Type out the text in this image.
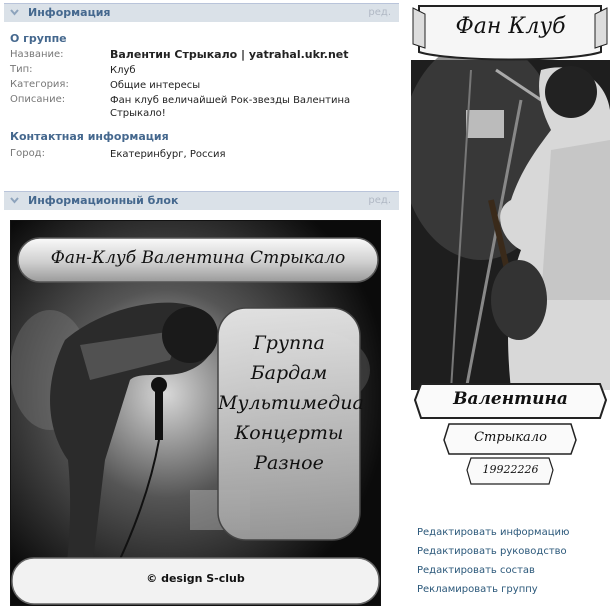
Информация	ред.
О группе
Название:	Валентин Стрыкало | yatrahal.ukr.net
Тип:	Клуб
Категория:	Общие интересы
Описание:	Фан клуб величайшей Рок-звезды Валентина Стрыкало!
Контактная информация
Город:	Екатеринбург, Россия
Информационный блок	ред.
Фан-Клуб Валентина Стрыкало
Группа
Бардам
Мультимедиа
Концерты
Разное
© design S-club
Фан Клуб
Валентина
Стрыкало
19922226
Редактировать информацию
Редактировать руководство
Редактировать состав
Рекламировать группу
